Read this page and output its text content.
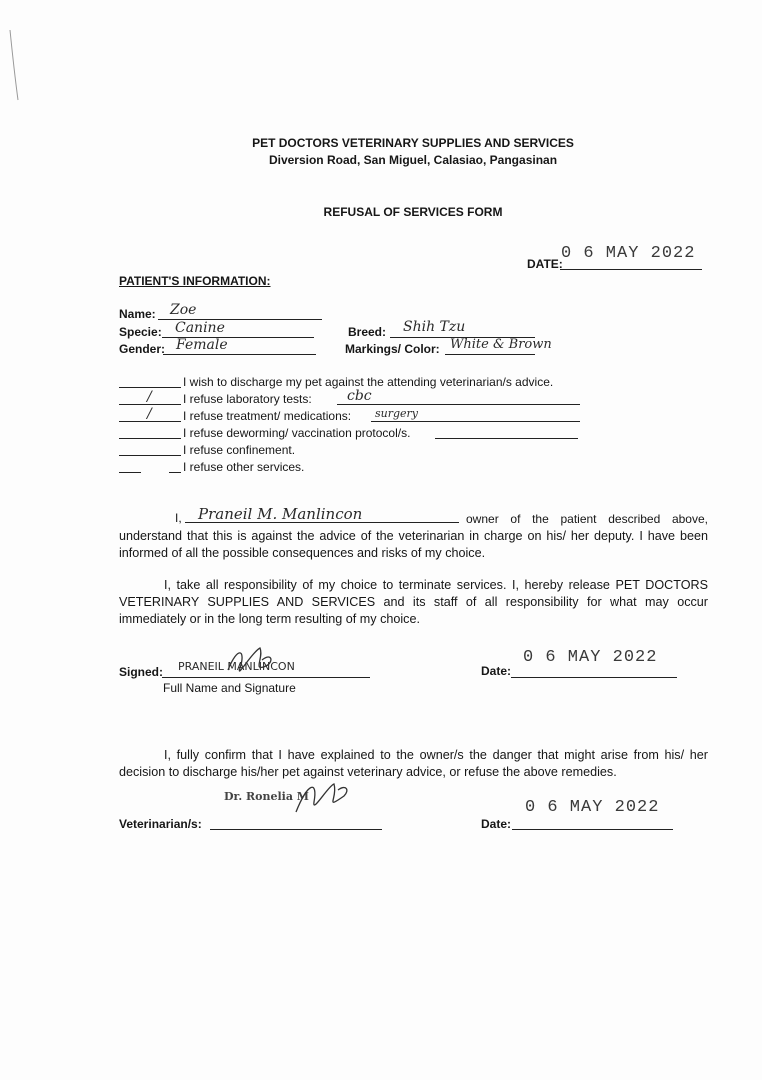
PET DOCTORS VETERINARY SUPPLIES AND SERVICES
Diversion Road, San Miguel, Calasiao, Pangasinan
REFUSAL OF SERVICES FORM
DATE:
0 6 MAY 2022
PATIENT'S INFORMATION:
Name: Zoe
Specie: Canine
Gender: Female
Breed: Shih Tzu
Markings/ Color: White & Brown
I wish to discharge my pet against the attending veterinarian/s advice.
/	I refuse laboratory tests:	cbc
/	I refuse treatment/ medications: surgery
I refuse deworming/ vaccination protocol/s.
I refuse confinement.
I refuse other services.
I, Praneil M. Manlincon	owner of the patient described above,
understand that this is against the advice of the veterinarian in charge on his/ her deputy. I have been informed of all the possible consequences and risks of my choice.
I, take all responsibility of my choice to terminate services. I, hereby release PET DOCTORS VETERINARY SUPPLIES AND SERVICES and its staff of all responsibility for what may occur immediately or in the long term resulting of my choice.
Signed: PRANEIL MANLINCON
Full Name and Signature
Date:
0 6 MAY 2022
I, fully confirm that I have explained to the owner/s the danger that might arise from his/ her decision to discharge his/her pet against veterinary advice, or refuse the above remedies.
Veterinarian/s:
Dr. Ronelia M
Date:
0 6 MAY 2022
